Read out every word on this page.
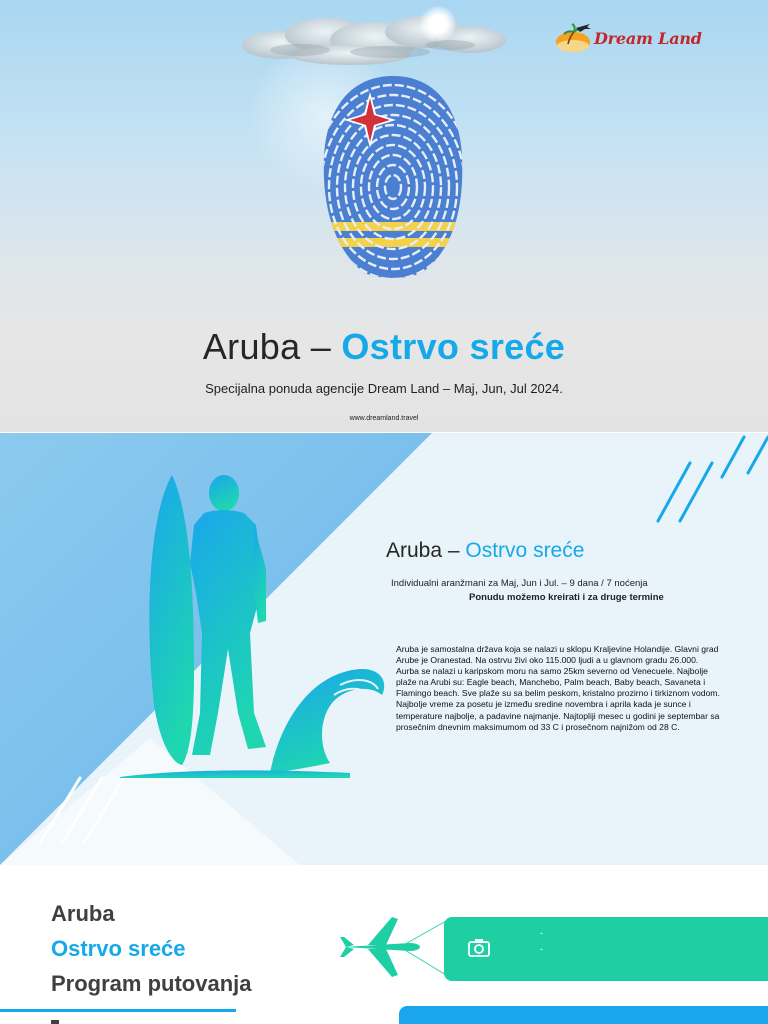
Dream Land
Aruba – Ostrvo sreće
Specijalna ponuda agencije Dream Land – Maj, Jun, Jul 2024.
www.dreamland.travel
Aruba – Ostrvo sreće
Individualni aranžmani za Maj, Jun i Jul. – 9 dana / 7 noćenja
Ponudu možemo kreirati i za druge termine
Aruba je samostalna država koja se nalazi u sklopu Kraljevine Holandije. Glavni grad Arube je Oranestad. Na ostrvu živi oko 115.000 ljudi a u glavnom gradu 26.000. Aurba se nalazi u karipskom moru na samo 25km severno od Venecuele. Najbolje plaže na Arubi su: Eagle beach, Manchebo, Palm beach, Baby beach, Savaneta i Flamingo beach. Sve plaže su sa belim peskom, kristalno prozirno i tirkiznom vodom. Najbolje vreme za posetu je između sredine novembra i aprila kada je sunce i temperature najbolje, a padavine najmanje. Najtopliji mesec u godini je septembar sa prosečnim dnevnim maksimumom od 33 C i prosečnom najnižom od 28 C.
Aruba
Ostrvo sreće
Program putovanja
-
-
